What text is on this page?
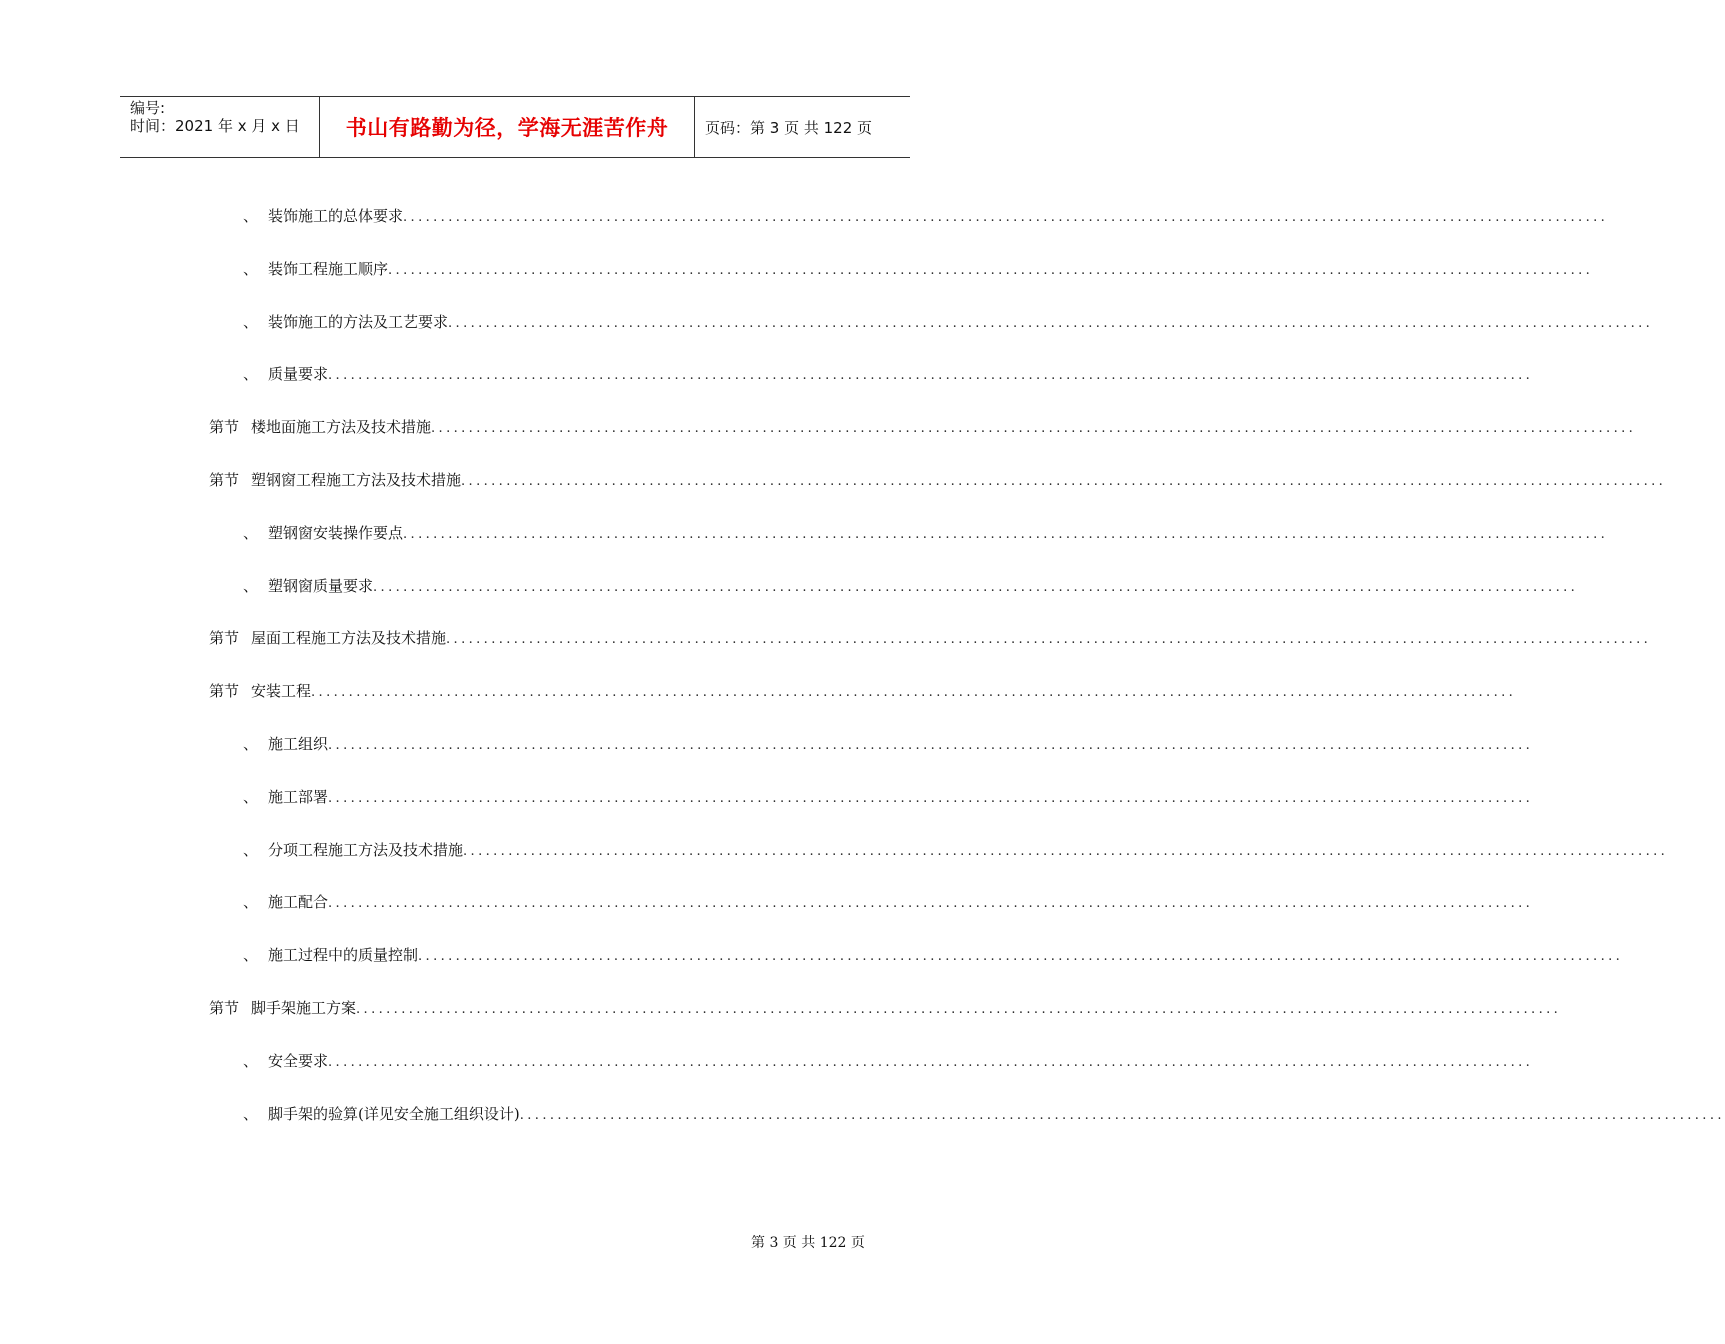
编号:
时间：2021 年 x 月 x 日	书山有路勤为径，学海无涯苦作舟	页码：第 3 页 共 122 页
、 装饰施工的总体要求 ................................................................................................................................................................
、 装饰工程施工顺序 ................................................................................................................................................................
、 装饰施工的方法及工艺要求 ................................................................................................................................................................
、 质量要求 ................................................................................................................................................................
第节 楼地面施工方法及技术措施 ................................................................................................................................................................
第节 塑钢窗工程施工方法及技术措施 ................................................................................................................................................................
、 塑钢窗安装操作要点 ................................................................................................................................................................
、 塑钢窗质量要求 ................................................................................................................................................................
第节 屋面工程施工方法及技术措施 ................................................................................................................................................................
第节 安装工程 ................................................................................................................................................................
、 施工组织 ................................................................................................................................................................
、 施工部署 ................................................................................................................................................................
、 分项工程施工方法及技术措施 ................................................................................................................................................................
、 施工配合 ................................................................................................................................................................
、 施工过程中的质量控制 ................................................................................................................................................................
第节 脚手架施工方案 ................................................................................................................................................................
、 安全要求 ................................................................................................................................................................
、 脚手架的验算(详见安全施工组织设计) ................................................................................................................................................................
第 3 页 共 122 页
